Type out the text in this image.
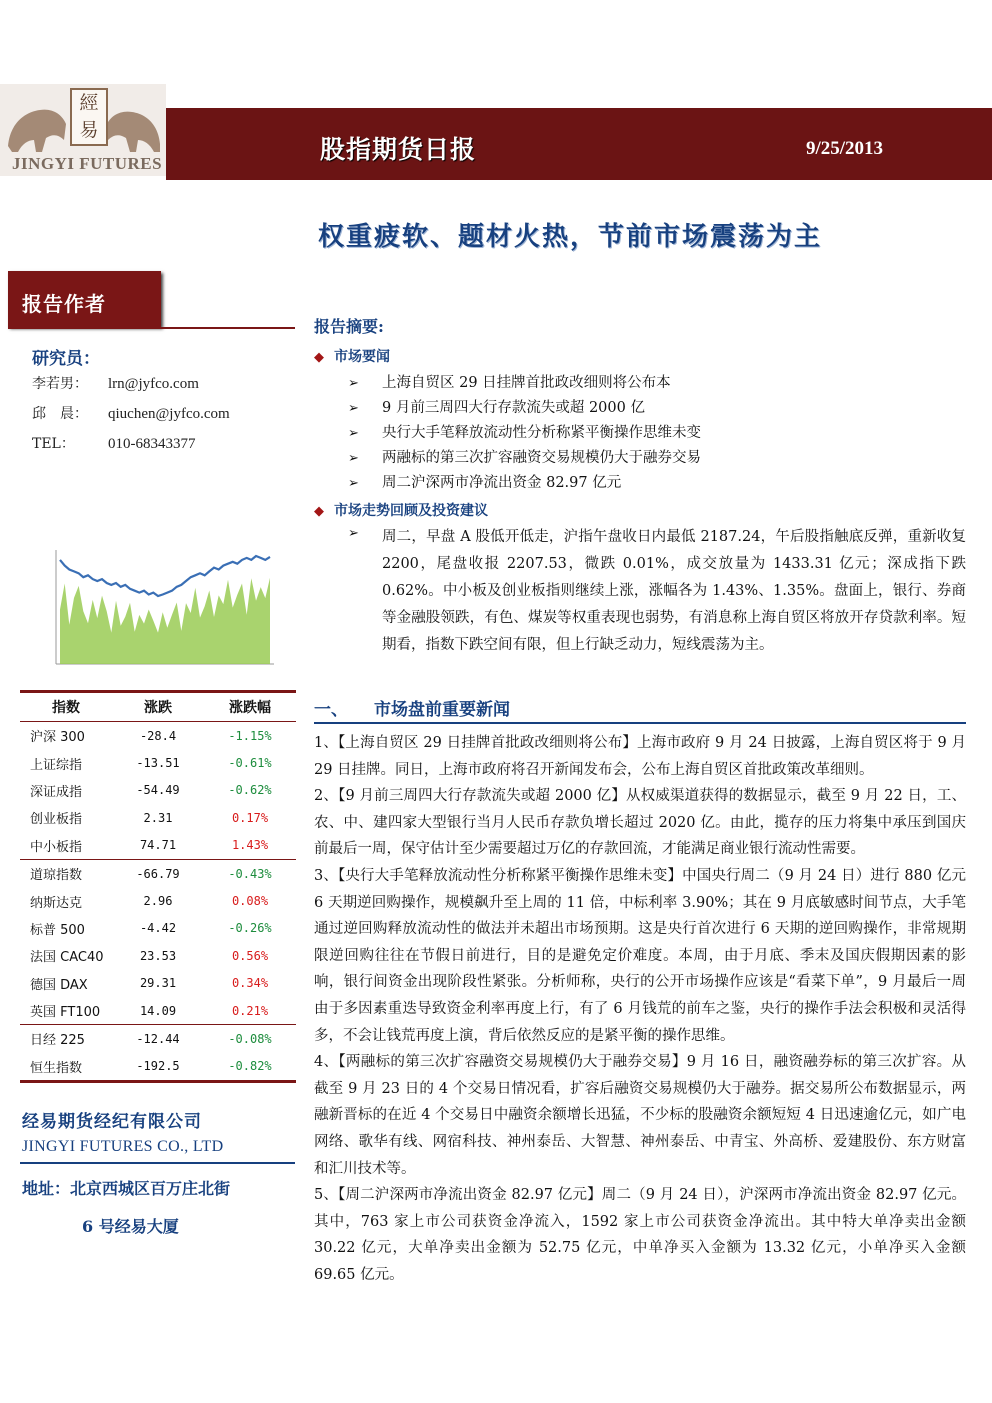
經
易
JINGYI FUTURES	股指期货日报	9/25/2013
权重疲软、题材火热，节前市场震荡为主
报告作者
研究员：
李若男： lrn@jyfco.com
邱　晨： qiuchen@jyfco.com
TEL： 010-68343377
指数	涨跌	涨跌幅
沪深 300	-28.4	-1.15%
上证综指	-13.51	-0.61%
深证成指	-54.49	-0.62%
创业板指	2.31	0.17%
中小板指	74.71	1.43%
道琼指数	-66.79	-0.43%
纳斯达克	2.96	0.08%
标普 500	-4.42	-0.26%
法国 CAC40	23.53	0.56%
德国 DAX	29.31	0.34%
英国 FT100	14.09	0.21%
日经 225	-12.44	-0.08%
恒生指数	-192.5	-0.82%
经易期货经纪有限公司
JINGYI FUTURES CO., LTD
地址：北京西城区百万庄北街
6 号经易大厦
报告摘要:
◆ 市场要闻
➢ 上海自贸区 29 日挂牌首批政改细则将公布本
➢ 9 月前三周四大行存款流失或超 2000 亿
➢ 央行大手笔释放流动性分析称紧平衡操作思维未变
➢ 两融标的第三次扩容融资交易规模仍大于融券交易
➢ 周二沪深两市净流出资金 82.97 亿元
◆ 市场走势回顾及投资建议
➢ 周二，早盘 A 股低开低走，沪指午盘收日内最低 2187.24，午后股指触底反弹，重新收复 2200，尾盘收报 2207.53，微跌 0.01%，成交放量为 1433.31 亿元；深成指下跌 0.62%。中小板及创业板指则继续上涨，涨幅各为 1.43%、1.35%。盘面上，银行、券商等金融股领跌，有色、煤炭等权重表现也弱势，有消息称上海自贸区将放开存贷款利率。短期看，指数下跌空间有限，但上行缺乏动力，短线震荡为主。
一、 市场盘前重要新闻

1、【上海自贸区 29 日挂牌首批政改细则将公布】上海市政府 9 月 24 日披露，上海自贸区将于 9 月 29 日挂牌。同日，上海市政府将召开新闻发布会，公布上海自贸区首批政策改革细则。

2、【9 月前三周四大行存款流失或超 2000 亿】从权威渠道获得的数据显示，截至 9 月 22 日，工、农、中、建四家大型银行当月人民币存款负增长超过 2020 亿。由此，揽存的压力将集中承压到国庆前最后一周，保守估计至少需要超过万亿的存款回流，才能满足商业银行流动性需要。

3、【央行大手笔释放流动性分析称紧平衡操作思维未变】中国央行周二（9 月 24 日）进行 880 亿元 6 天期逆回购操作，规模飙升至上周的 11 倍，中标利率 3.90%；其在 9 月底敏感时间节点，大手笔通过逆回购释放流动性的做法并未超出市场预期。这是央行首次进行 6 天期的逆回购操作，非常规期限逆回购往往在节假日前进行，目的是避免定价难度。本周，由于月底、季末及国庆假期因素的影响，银行间资金出现阶段性紧张。分析师称，央行的公开市场操作应该是“看菜下单”，9 月最后一周由于多因素重迭导致资金利率再度上行，有了 6 月钱荒的前车之鉴，央行的操作手法会积极和灵活得多，不会让钱荒再度上演，背后依然反应的是紧平衡的操作思维。

4、【两融标的第三次扩容融资交易规模仍大于融券交易】9 月 16 日，融资融券标的第三次扩容。从截至 9 月 23 日的 4 个交易日情况看，扩容后融资交易规模仍大于融券。据交易所公布数据显示，两融新晋标的在近 4 个交易日中融资余额增长迅猛，不少标的股融资余额短短 4 日迅速逾亿元，如广电网络、歌华有线、网宿科技、神州泰岳、大智慧、神州泰岳、中青宝、外高桥、爱建股份、东方财富和汇川技术等。

5、【周二沪深两市净流出资金 82.97 亿元】周二（9 月 24 日），沪深两市净流出资金 82.97 亿元。其中，763 家上市公司获资金净流入，1592 家上市公司获资金净流出。其中特大单净卖出金额 30.22 亿元，大单净卖出金额为 52.75 亿元，中单净买入金额为 13.32 亿元，小单净买入金额 69.65 亿元。
